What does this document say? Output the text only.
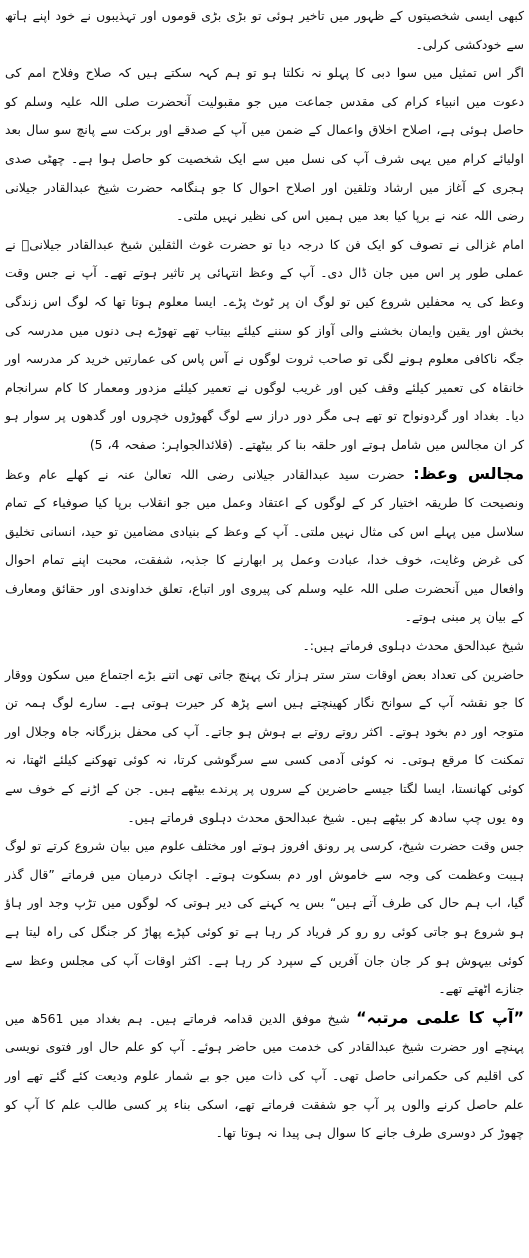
کبھی ایسی شخصیتوں کے ظہور میں تاخیر ہوئی تو بڑی بڑی قوموں اور تہذیبوں نے خود اپنے ہاتھ سے خودکشی کرلی۔

اگر اس تمثیل میں سوا دبی کا پہلو نہ نکلتا ہو تو ہم کہہ سکتے ہیں کہ صلاح وفلاح امم کی دعوت میں انبیاء کرام کی مقدس جماعت میں جو مقبولیت آنحضرت صلی اللہ علیہ وسلم کو حاصل ہوئی ہے، اصلاح اخلاق واعمال کے ضمن میں آپ کے صدقے اور برکت سے پانچ سو سال بعد اولیائے کرام میں یہی شرف آپ کی نسل میں سے ایک شخصیت کو حاصل ہوا ہے۔ چھٹی صدی ہجری کے آغاز میں ارشاد وتلقین اور اصلاح احوال کا جو ہنگامہ حضرت شیخ عبدالقادر جیلانی رضی اللہ عنہ نے برپا کیا بعد میں ہمیں اس کی نظیر نہیں ملتی۔

امام غزالی نے تصوف کو ایک فن کا درجہ دیا تو حضرت غوث الثقلین شیخ عبدالقادر جیلانیؒ نے عملی طور پر اس میں جان ڈال دی۔ آپ کے وعظ انتہائی پر تاثیر ہوتے تھے۔ آپ نے جس وقت وعظ کی یہ محفلیں شروع کیں تو لوگ ان پر ٹوٹ پڑے۔ ایسا معلوم ہوتا تھا کہ لوگ اس زندگی بخش اور یقین وایمان بخشنے والی آواز کو سننے کیلئے بیتاب تھے تھوڑے ہی دنوں میں مدرسہ کی جگہ ناکافی معلوم ہونے لگی تو صاحب ثروت لوگوں نے آس پاس کی عمارتیں خرید کر مدرسہ اور خانقاہ کی تعمیر کیلئے وقف کیں اور غریب لوگوں نے تعمیر کیلئے مزدور ومعمار کا کام سرانجام دیا۔ بغداد اور گردونواح تو تھے ہی مگر دور دراز سے لوگ گھوڑوں خچروں اور گدھوں پر سوار ہو کر ان مجالس میں شامل ہوتے اور حلقہ بنا کر بیٹھتے۔ (قلائدالجواہر: صفحہ 4، 5)

مجالس وعظ: حضرت سید عبدالقادر جیلانی رضی اللہ تعالیٰ عنہ نے کھلے عام وعظ ونصیحت کا طریقہ اختیار کر کے لوگوں کے اعتقاد وعمل میں جو انقلاب برپا کیا صوفیاء کے تمام سلاسل میں پہلے اس کی مثال نہیں ملتی۔ آپ کے وعظ کے بنیادی مضامین تو حید، انسانی تخلیق کی غرض وغایت، خوف خدا، عبادت وعمل پر ابھارنے کا جذبہ، شفقت، محبت اپنے تمام احوال وافعال میں آنحضرت صلی اللہ علیہ وسلم کی پیروی اور اتباع، تعلق خداوندی اور حقائق ومعارف کے بیان پر مبنی ہوتے۔

شیخ عبدالحق محدث دہلوی فرماتے ہیں:۔

حاضرین کی تعداد بعض اوقات ستر ستر ہزار تک پہنچ جاتی تھی اتنے بڑے اجتماع میں سکون ووقار کا جو نقشہ آپ کے سوانح نگار کھینچتے ہیں اسے پڑھ کر حیرت ہوتی ہے۔ سارے لوگ ہمہ تن متوجہ اور دم بخود ہوتے۔ اکثر روتے روتے بے ہوش ہو جاتے۔ آپ کی محفل بزرگانہ جاہ وجلال اور تمکنت کا مرقع ہوتی۔ نہ کوئی آدمی کسی سے سرگوشی کرتا، نہ کوئی تھوکنے کیلئے اٹھتا، نہ کوئی کھانستا، ایسا لگتا جیسے حاضرین کے سروں پر پرندے بیٹھے ہیں۔ جن کے اڑنے کے خوف سے وہ یوں چپ سادھ کر بیٹھے ہیں۔ شیخ عبدالحق محدث دہلوی فرماتے ہیں۔

جس وقت حضرت شیخ، کرسی پر رونق افروز ہوتے اور مختلف علوم میں بیان شروع کرتے تو لوگ ہیبت وعظمت کی وجہ سے خاموش اور دم بسکوت ہوتے۔ اچانک درمیان میں فرماتے ”قال گذر گیا، اب ہم حال کی طرف آتے ہیں“ بس یہ کہنے کی دیر ہوتی کہ لوگوں میں تڑپ وجد اور ہاؤ ہو شروع ہو جاتی کوئی رو رو کر فریاد کر رہا ہے تو کوئی کپڑے پھاڑ کر جنگل کی راہ لیتا ہے کوئی بیہوش ہو کر جان جان آفریں کے سپرد کر رہا ہے۔ اکثر اوقات آپ کی مجلس وعظ سے جنازے اٹھتے تھے۔

”آپ کا علمی مرتبہ“ شیخ موفق الدین قدامہ فرماتے ہیں۔ ہم بغداد میں 561ھ میں پہنچے اور حضرت شیخ عبدالقادر کی خدمت میں حاضر ہوئے۔ آپ کو علم حال اور فتوی نویسی کی اقلیم کی حکمرانی حاصل تھی۔ آپ کی ذات میں جو بے شمار علوم ودیعت کئے گئے تھے اور علم حاصل کرنے والوں پر آپ جو شفقت فرماتے تھے، اسکی بناء پر کسی طالب علم کا آپ کو چھوڑ کر دوسری طرف جانے کا سوال ہی پیدا نہ ہوتا تھا۔
